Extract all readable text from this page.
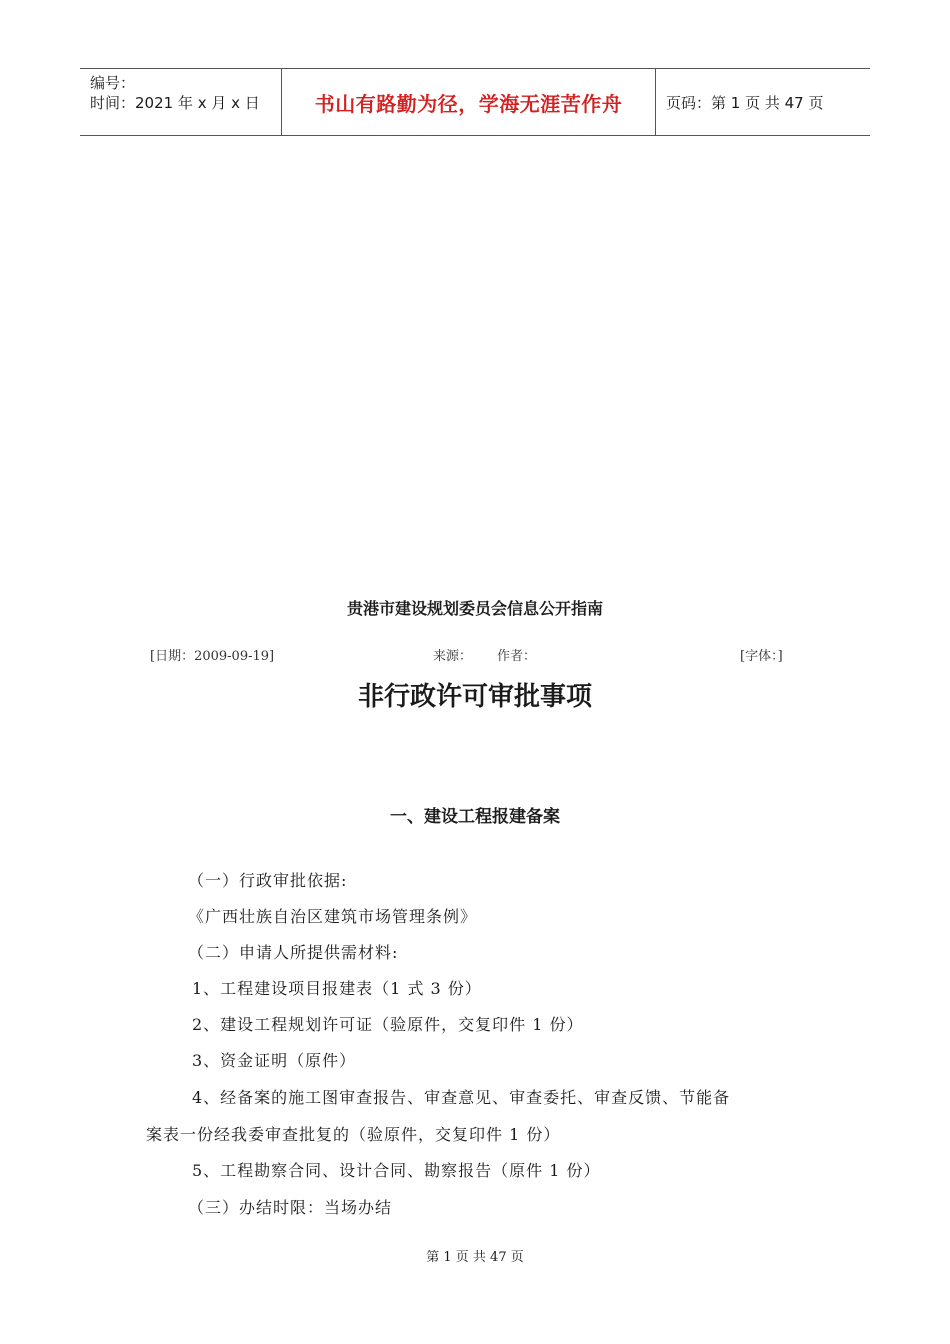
编号：
时间：2021 年 x 月 x 日	书山有路勤为径，学海无涯苦作舟	页码：第 1 页 共 47 页
贵港市建设规划委员会信息公开指南
[日期：2009-09-19]	来源： 作者：	[字体：]
非行政许可审批事项
一、建设工程报建备案
（一）行政审批依据:
《广西壮族自治区建筑市场管理条例》
（二）申请人所提供需材料:
1、工程建设项目报建表（1 式 3 份）
2、建设工程规划许可证（验原件，交复印件 1 份）
3、资金证明（原件）
4、经备案的施工图审查报告、审查意见、审查委托、审查反馈、节能备
案表一份经我委审查批复的（验原件，交复印件 1 份）
5、工程勘察合同、设计合同、勘察报告（原件 1 份）
（三）办结时限：当场办结
第 1 页 共 47 页
